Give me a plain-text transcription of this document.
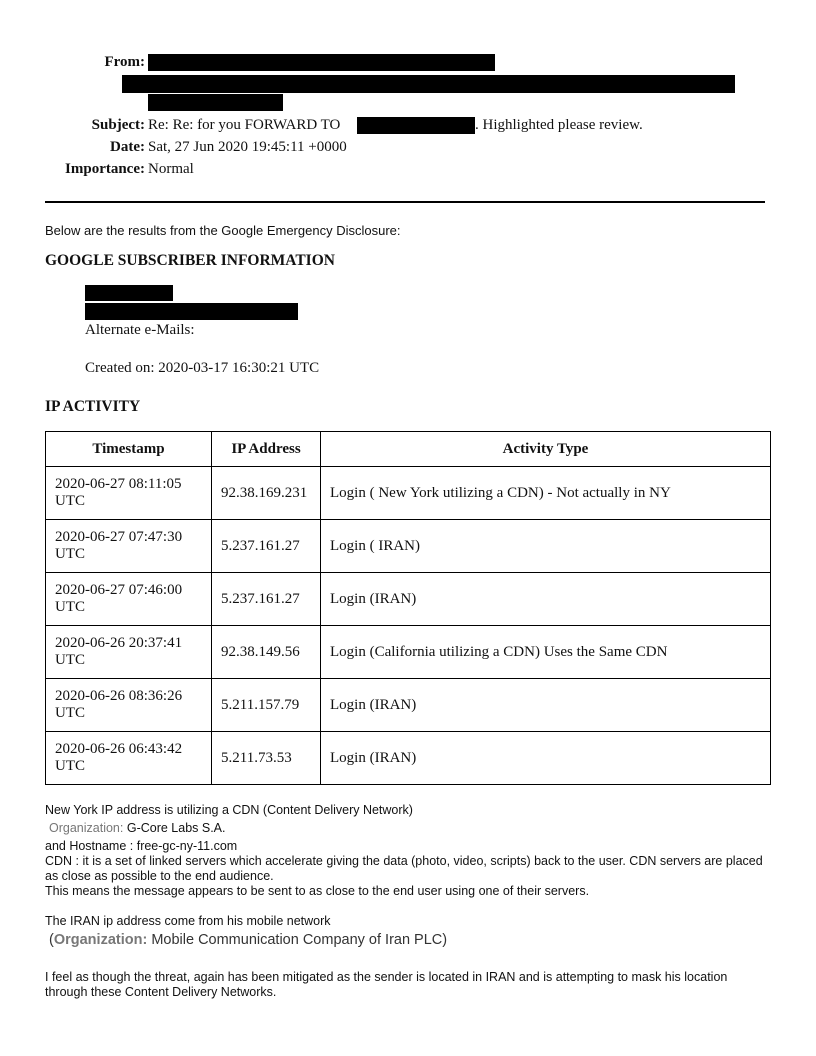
From:
Subject: Re: Re: for you FORWARD TO	. Highlighted please review.
Date: Sat, 27 Jun 2020 19:45:11 +0000
Importance: Normal
Below are the results from the Google Emergency Disclosure:
GOOGLE SUBSCRIBER INFORMATION
Alternate e-Mails:
Created on: 2020-03-17 16:30:21 UTC
IP ACTIVITY
Timestamp	IP Address	Activity Type
2020-06-27 08:11:05
UTC	92.38.169.231	Login ( New York utilizing a CDN) - Not actually in NY
2020-06-27 07:47:30
UTC	5.237.161.27	Login ( IRAN)
2020-06-27 07:46:00
UTC	5.237.161.27	Login (IRAN)
2020-06-26 20:37:41
UTC	92.38.149.56	Login (California utilizing a CDN) Uses the Same CDN
2020-06-26 08:36:26
UTC	5.211.157.79	Login (IRAN)
2020-06-26 06:43:42
UTC	5.211.73.53	Login (IRAN)
New York IP address is utilizing a CDN (Content Delivery Network)
Organization: G-Core Labs S.A.
and Hostname : free-gc-ny-11.com
CDN : it is a set of linked servers which accelerate giving the data (photo, video, scripts) back to the user. CDN servers are placed as close as possible to the end audience.
This means the message appears to be sent to as close to the end user using one of their servers.
The IRAN ip address come from his mobile network
(Organization: Mobile Communication Company of Iran PLC)
I feel as though the threat, again has been mitigated as the sender is located in IRAN and is attempting to mask his location through these Content Delivery Networks.
